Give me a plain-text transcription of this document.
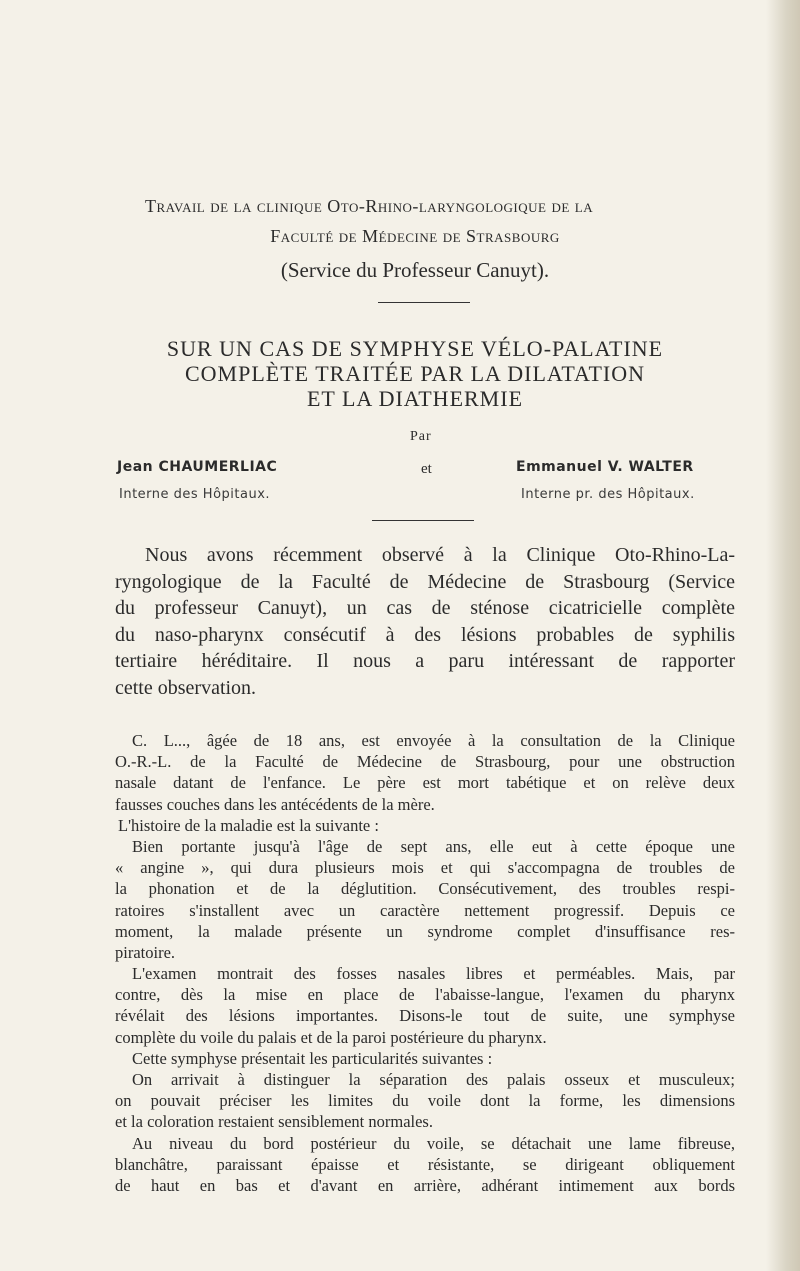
Travail de la clinique Oto-Rhino-laryngologique de la
Faculté de Médecine de Strasbourg
(Service du Professeur Canuyt).
SUR UN CAS DE SYMPHYSE VÉLO-PALATINE
COMPLÈTE TRAITÉE PAR LA DILATATION
ET LA DIATHERMIE
Par
Jean CHAUMERLIAC	et	Emmanuel V. WALTER
Interne des Hôpitaux.	Interne pr. des Hôpitaux.
Nous avons récemment observé à la Clinique Oto-Rhino-La-
ryngologique de la Faculté de Médecine de Strasbourg (Service
du professeur Canuyt), un cas de sténose cicatricielle complète
du naso-pharynx consécutif à des lésions probables de syphilis
tertiaire héréditaire. Il nous a paru intéressant de rapporter
cette observation.
C. L..., âgée de 18 ans, est envoyée à la consultation de la Clinique
O.-R.-L. de la Faculté de Médecine de Strasbourg, pour une obstruction
nasale datant de l'enfance. Le père est mort tabétique et on relève deux
fausses couches dans les antécédents de la mère.
L'histoire de la maladie est la suivante :
Bien portante jusqu'à l'âge de sept ans, elle eut à cette époque une
« angine », qui dura plusieurs mois et qui s'accompagna de troubles de
la phonation et de la déglutition. Consécutivement, des troubles respi-
ratoires s'installent avec un caractère nettement progressif. Depuis ce
moment, la malade présente un syndrome complet d'insuffisance res-
piratoire.
L'examen montrait des fosses nasales libres et perméables. Mais, par
contre, dès la mise en place de l'abaisse-langue, l'examen du pharynx
révélait des lésions importantes. Disons-le tout de suite, une symphyse
complète du voile du palais et de la paroi postérieure du pharynx.
Cette symphyse présentait les particularités suivantes :
On arrivait à distinguer la séparation des palais osseux et musculeux;
on pouvait préciser les limites du voile dont la forme, les dimensions
et la coloration restaient sensiblement normales.
Au niveau du bord postérieur du voile, se détachait une lame fibreuse,
blanchâtre, paraissant épaisse et résistante, se dirigeant obliquement
de haut en bas et d'avant en arrière, adhérant intimement aux bords
